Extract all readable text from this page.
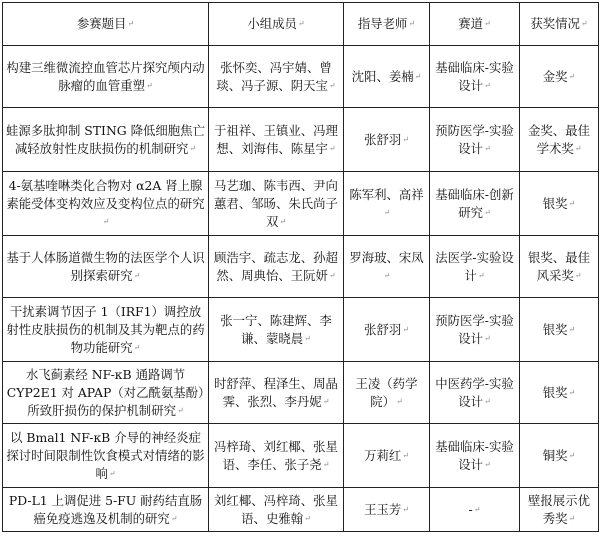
参赛题目↵	小组成员↵	指导老师↵	赛道↵	获奖情况↵
构建三维微流控血管芯片探究颅内动脉瘤的血管重塑↵	张怀奕、冯宇婧、曾琰、冯子源、阴天宝↵	沈阳、姜楠↵	基础临床-实验设计↵	金奖↵
蛙源多肽抑制 STING 降低细胞焦亡减轻放射性皮肤损伤的机制研究↵	于祖祥、王镇业、冯理想、刘海伟、陈星宇↵	张舒羽↵	预防医学-实验设计↵	金奖、最佳学术奖↵
4-氨基喹啉类化合物对 α2A 肾上腺素能受体变构效应及变构位点的研究↵	马艺珈、陈韦西、尹向蕙君、邹旸、朱氏尚子双↵	陈军利、高祥↵	基础临床-创新研究↵	银奖↵
基于人体肠道微生物的法医学个人识别探索研究↵	顾浩宇、疏志龙、孙超然、周典怡、王阮妍↵	罗海玻、宋凤↵	法医学-实验设计↵	银奖、最佳风采奖↵
干扰素调节因子 1（IRF1）调控放射性皮肤损伤的机制及其为靶点的药物功能研究↵	张一宁、陈建辉、李谦、蒙晓晨↵	张舒羽↵	预防医学-实验设计↵	银奖↵
水飞蓟素经 NF-κB 通路调节 CYP2E1 对 APAP（对乙酰氨基酚）所致肝损伤的保护机制研究↵	时舒萍、程泽生、周晶霁、张烈、李丹妮↵	王凌（药学院）↵	中医药学-实验设计↵	银奖↵
以 Bmal1 NF-κB 介导的神经炎症探讨时间限制性饮食模式对情绪的影响↵	冯梓琦、刘红椰、张星语、李任、张子尧↵	万莉红↵	基础临床-实验设计↵	铜奖↵
PD-L1 上调促进 5-FU 耐药结直肠癌免疫逃逸及机制的研究↵	刘红椰、冯梓琦、张星语、史雅翰↵	王玉芳↵	-↵	壁报展示优秀奖↵
